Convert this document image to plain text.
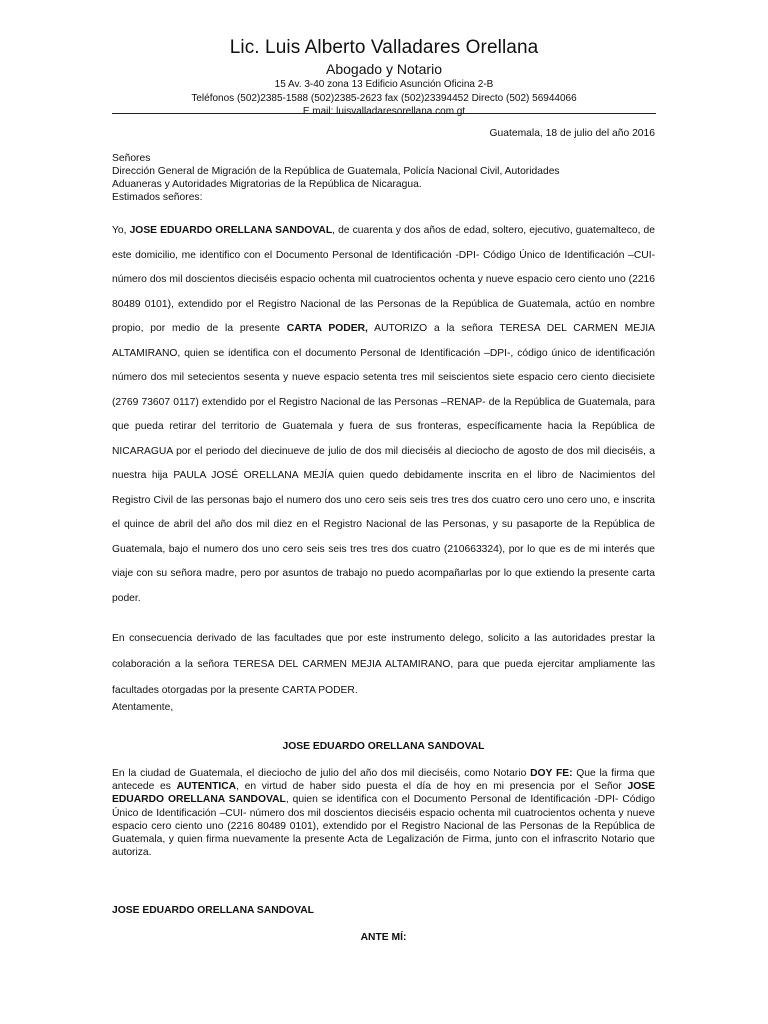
Lic. Luis Alberto Valladares Orellana
Abogado y Notario
15 Av. 3-40 zona 13 Edificio Asunción Oficina 2-B
Teléfonos (502)2385-1588 (502)2385-2623 fax (502)23394452 Directo (502) 56944066
E mail: luisvalladaresorellana.com.gt
Guatemala, 18 de julio del año 2016
Señores
Dirección General de Migración de la República de Guatemala, Policía Nacional Civil, Autoridades
Aduaneras y Autoridades Migratorias de la República de Nicaragua.
Estimados señores:
Yo, JOSE EDUARDO ORELLANA SANDOVAL, de cuarenta y dos años de edad, soltero, ejecutivo, guatemalteco, de este domicilio, me identifico con el Documento Personal de Identificación -DPI- Código Único de Identificación –CUI- número dos mil doscientos dieciséis espacio ochenta mil cuatrocientos ochenta y nueve espacio cero ciento uno (2216 80489 0101), extendido por el Registro Nacional de las Personas de la República de Guatemala, actúo en nombre propio, por medio de la presente CARTA PODER, AUTORIZO a la señora TERESA DEL CARMEN MEJIA ALTAMIRANO, quien se identifica con el documento Personal de Identificación –DPI-, código único de identificación número dos mil setecientos sesenta y nueve espacio setenta tres mil seiscientos siete espacio cero ciento diecisiete (2769 73607 0117) extendido por el Registro Nacional de las Personas –RENAP- de la República de Guatemala, para que pueda retirar del territorio de Guatemala y fuera de sus fronteras, específicamente hacia la República de NICARAGUA por el periodo del diecinueve de julio de dos mil dieciséis al dieciocho de agosto de dos mil dieciséis, a nuestra hija PAULA JOSÉ ORELLANA MEJÍA quien quedo debidamente inscrita en el libro de Nacimientos del Registro Civil de las personas bajo el numero dos uno cero seis seis tres tres dos cuatro cero uno cero uno, e inscrita el quince de abril del año dos mil diez en el Registro Nacional de las Personas, y su pasaporte de la República de Guatemala, bajo el numero dos uno cero seis seis tres tres dos cuatro (210663324), por lo que es de mi interés que viaje con su señora madre, pero por asuntos de trabajo no puedo acompañarlas por lo que extiendo la presente carta poder.
En consecuencia derivado de las facultades que por este instrumento delego, solicito a las autoridades prestar la colaboración a la señora TERESA DEL CARMEN MEJIA ALTAMIRANO, para que pueda ejercitar ampliamente las facultades otorgadas por la presente CARTA PODER.
Atentamente,
JOSE EDUARDO ORELLANA SANDOVAL
En la ciudad de Guatemala, el dieciocho de julio del año dos mil dieciséis, como Notario DOY FE: Que la firma que antecede es AUTENTICA, en virtud de haber sido puesta el día de hoy en mi presencia por el Señor JOSE EDUARDO ORELLANA SANDOVAL, quien se identifica con el Documento Personal de Identificación -DPI- Código Único de Identificación –CUI- número dos mil doscientos dieciséis espacio ochenta mil cuatrocientos ochenta y nueve espacio cero ciento uno (2216 80489 0101), extendido por el Registro Nacional de las Personas de la República de Guatemala, y quien firma nuevamente la presente Acta de Legalización de Firma, junto con el infrascrito Notario que autoriza.
JOSE EDUARDO ORELLANA SANDOVAL
ANTE MÍ:
